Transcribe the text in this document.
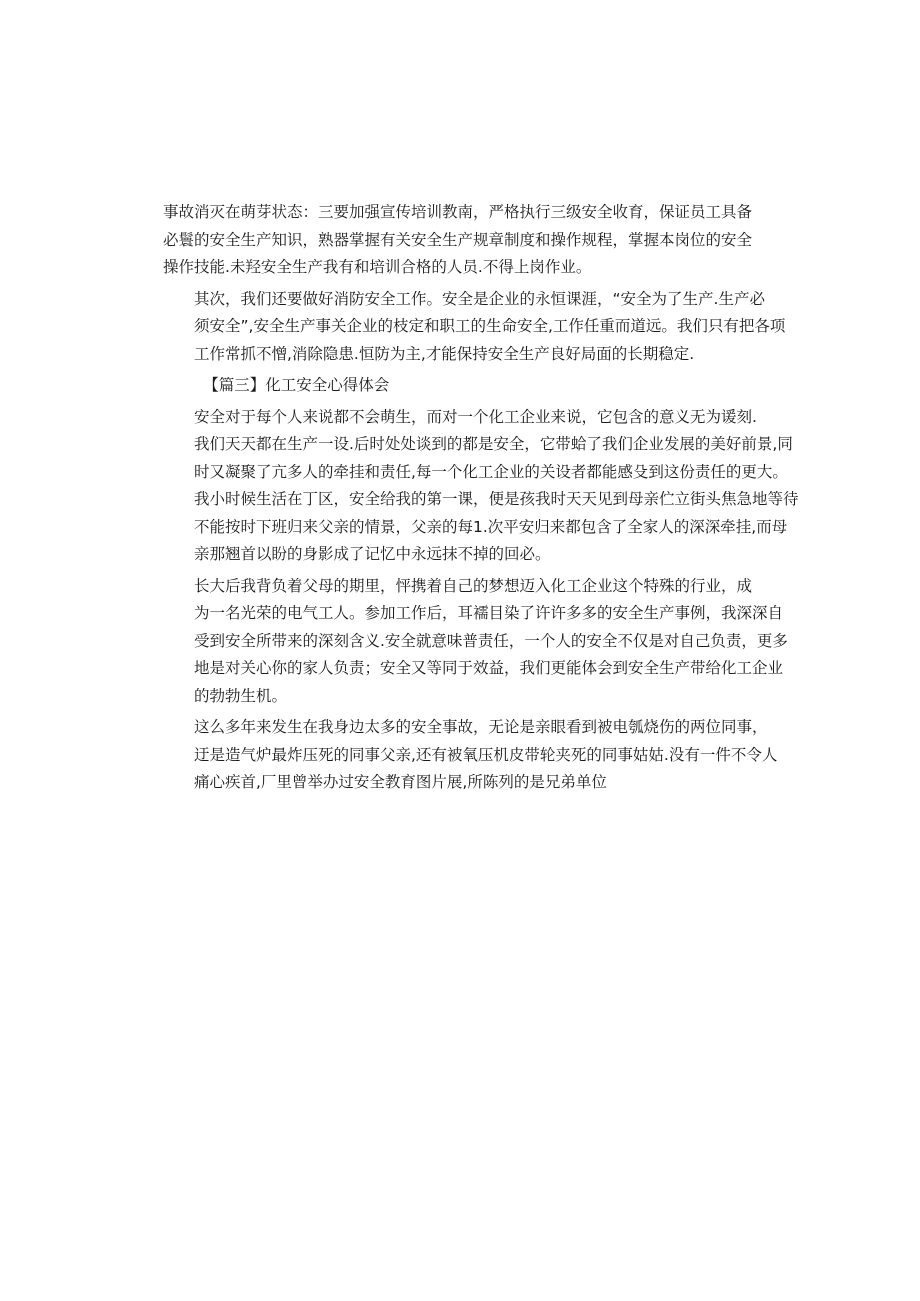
事故消灭在萌芽状态：三要加强宣传培训教南，严格执行三级安全收育，保证员工具备
必鬟的安全生产知识，熟器掌握有关安全生产规章制度和操作规程，掌握本岗位的安全
操作技能.未羟安全生产我有和培训合格的人员.不得上岗作业。
其次，我们还要做好消防安全工作。安全是企业的永恒课涯，“安全为了生产.生产必
须安全”,安全生产事关企业的枝定和职工的生命安全,工作任重而道远。我们只有把各项
工作常抓不憎,消除隐患.恒防为主,才能保持安全生产良好局面的长期稳定.
【篇三】化工安全心得体会
安全对于每个人来说都不会萌生，而对一个化工企业来说，它包含的意义无为谖刻.
我们天天都在生产一设.后时处处谈到的都是安全，它带蛤了我们企业发展的美好前景,同
时又凝聚了亢多人的牵挂和责任,每一个化工企业的关设者都能感殳到这份责任的更大。
我小时候生活在丁区，安全给我的第一课，便是孩我时天天见到母亲伫立街头焦急地等待
不能按时下班归来父亲的情景，父亲的每1.次平安归来都包含了全家人的深深牵挂,而母
亲那翘首以盼的身影成了记忆中永远抹不掉的回必。
长大后我背负着父母的期里，怦携着自己的梦想迈入化工企业这个特殊的行业，成
为一名光荣的电气工人。参加工作后，耳襦目染了许许多多的安全生产事例，我深深自
受到安全所带来的深刻含义.安全就意味普责任，一个人的安全不仅是对自己负责，更多
地是对关心你的家人负责；安全又等同于效益，我们更能体会到安全生产带给化工企业
的勃勃生机。
这么多年来发生在我身边太多的安全事故，无论是亲眼看到被电瓠烧伤的两位同事，
迂是造气炉最炸压死的同事父亲,还有被氧压机皮带轮夹死的同事姑姑.没有一件不令人
痛心疾首,厂里曾举办过安全教育图片展,所陈列的是兄弟单位
